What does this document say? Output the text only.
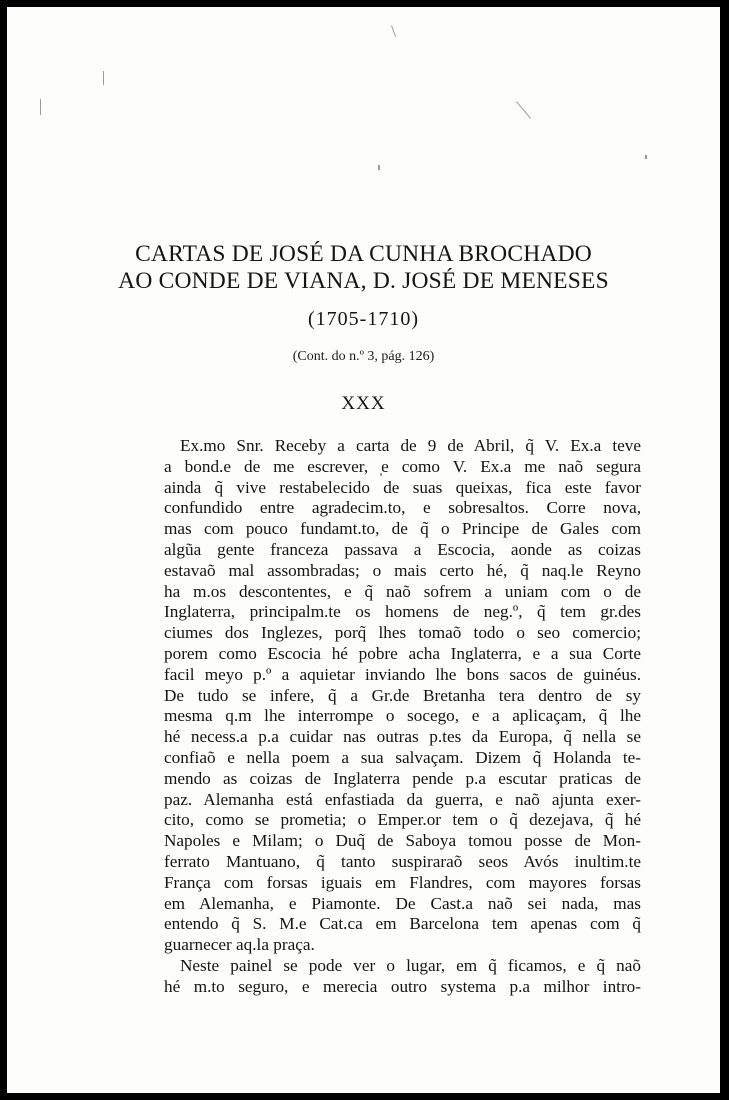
CARTAS DE JOSÉ DA CUNHA BROCHADO
AO CONDE DE VIANA, D. JOSÉ DE MENESES
(1705-1710)
(Cont. do n.º 3, pág. 126)
XXX
Ex.mo Snr. Receby a carta de 9 de Abril, q̃ V. Ex.a teve
a bond.e de me escrever, e como V. Ex.a me naõ segura
ainda q̃ vive restabelecido de suas queixas, fica este favor
confundido entre agradecim.to, e sobresaltos. Corre nova,
mas com pouco fundamt.to, de q̃ o Principe de Gales com
algũa gente franceza passava a Escocia, aonde as coizas
estavaõ mal assombradas; o mais certo hé, q̃ naq.le Reyno
ha m.os descontentes, e q̃ naõ sofrem a uniam com o de
Inglaterra, principalm.te os homens de neg.º, q̃ tem gr.des
ciumes dos Inglezes, porq̃ lhes tomaõ todo o seo comercio;
porem como Escocia hé pobre acha Inglaterra, e a sua Corte
facil meyo p.º a aquietar inviando lhe bons sacos de guinéus.
De tudo se infere, q̃ a Gr.de Bretanha tera dentro de sy
mesma q.m lhe interrompe o socego, e a aplicaçam, q̃ lhe
hé necess.a p.a cuidar nas outras p.tes da Europa, q̃ nella se
confiaõ e nella poem a sua salvaçam. Dizem q̃ Holanda te-
mendo as coizas de Inglaterra pende p.a escutar praticas de
paz. Alemanha está enfastiada da guerra, e naõ ajunta exer-
cito, como se prometia; o Emper.or tem o q̃ dezejava, q̃ hé
Napoles e Milam; o Duq̃ de Saboya tomou posse de Mon-
ferrato Mantuano, q̃ tanto suspiraraõ seos Avós inultim.te
França com forsas iguais em Flandres, com mayores forsas
em Alemanha, e Piamonte. De Cast.a naõ sei nada, mas
entendo q̃ S. M.e Cat.ca em Barcelona tem apenas com q̃
guarnecer aq.la praça.
Neste painel se pode ver o lugar, em q̃ ficamos, e q̃ naõ
hé m.to seguro, e merecia outro systema p.a milhor intro-
